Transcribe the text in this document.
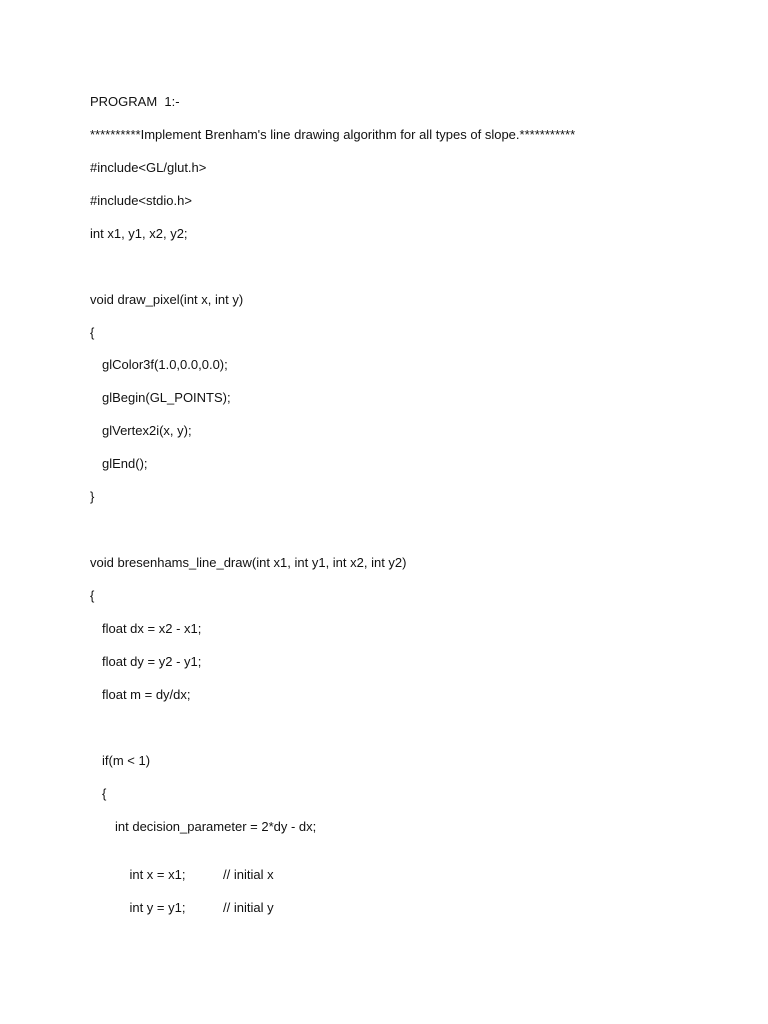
PROGRAM  1:-
**********Implement Brenham's line drawing algorithm for all types of slope.***********
#include<GL/glut.h>
#include<stdio.h>
int x1, y1, x2, y2;
void draw_pixel(int x, int y)
{
glColor3f(1.0,0.0,0.0);
glBegin(GL_POINTS);
glVertex2i(x, y);
glEnd();
}
void bresenhams_line_draw(int x1, int y1, int x2, int y2)
{
float dx = x2 - x1;
float dy = y2 - y1;
float m = dy/dx;
if(m < 1)
{
int decision_parameter = 2*dy - dx;

int x = x1;	// initial x

int y = y1;	// initial y
